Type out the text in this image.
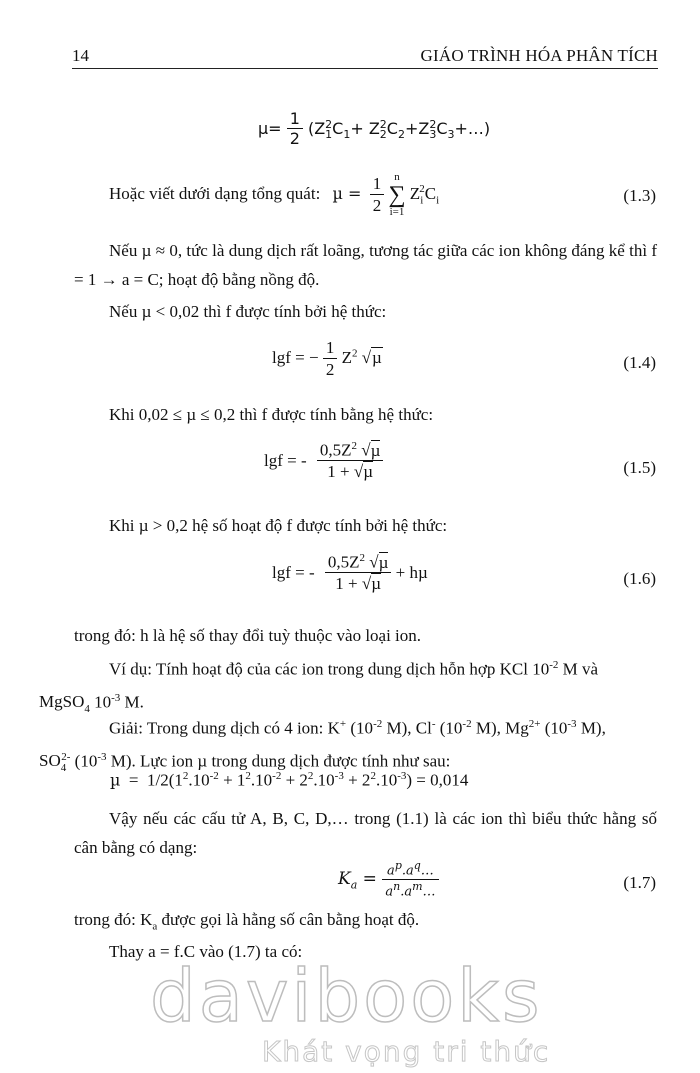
14	GIÁO TRÌNH HÓA PHÂN TÍCH
$\mu= \frac{1}{2} (Z_1^2C_1+$ $Z_2^2C_2+Z_3^2C_3+\dots$)
Hoặc viết dưới dạng tổng quát: $\mu = \frac{1}{2}$
n
∑
i=1
$Z_i^2C_i$	(1.3)
Nếu µ ≈ 0, tức là dung dịch rất loãng, tương tác giữa các ion không đáng kể thì f = 1 → a = C; hoạt độ bằng nồng độ.
Nếu µ < 0,02 thì f được tính bởi hệ thức:
lgf = − $\frac{1}{2} Z^2$ √µ	(1.4)
Khi 0,02 ≤ µ ≤ 0,2 thì f được tính bằng hệ thức:
lgf = - $\frac{0,5Z^2 √\mu}{\text{1 + √µ}}$	(1.5)
Khi µ > 0,2 hệ số hoạt độ f được tính bởi hệ thức:
lgf = - $\frac{0,5Z^2 √\mu}{\text{1 + √µ}} + h\mu$	(1.6)
trong đó: h là hệ số thay đổi tuỳ thuộc vào loại ion.
Ví dụ: Tính hoạt độ của các ion trong dung dịch hỗn hợp KCl $10^{-2}$ M và
MgSO$_4$ $10^{-3}$ M.
Giải: Trong dung dịch có 4 ion: K+ ($10^{-2}$ M), Cl- ($10^{-2}$ M), $Mg^{2+}$ ($10^{-3}$ M),
$SO_4^{2-}$ ($10^{-3}$ M). Lực ion µ trong dung dịch được tính như sau:
$\mu = 1/2(1^2.10^{-2} + 1^2.10^{-2} + 2^2.10^{-3} + 2^2.10^{-3}) = 0,014$
Vậy nếu các cấu tử A, B, C, D,… trong (1.1) là các ion thì biểu thức hằng số cân bằng có dạng:
$K_a = \frac{a^p.a^q\dots}{a^n.a^m\dots}$	(1.7)
trong đó: $K_a$ được gọi là hằng số cân bằng hoạt độ.
Thay a = f.C vào (1.7) ta có:
davibooks
Khát vọng tri thức
